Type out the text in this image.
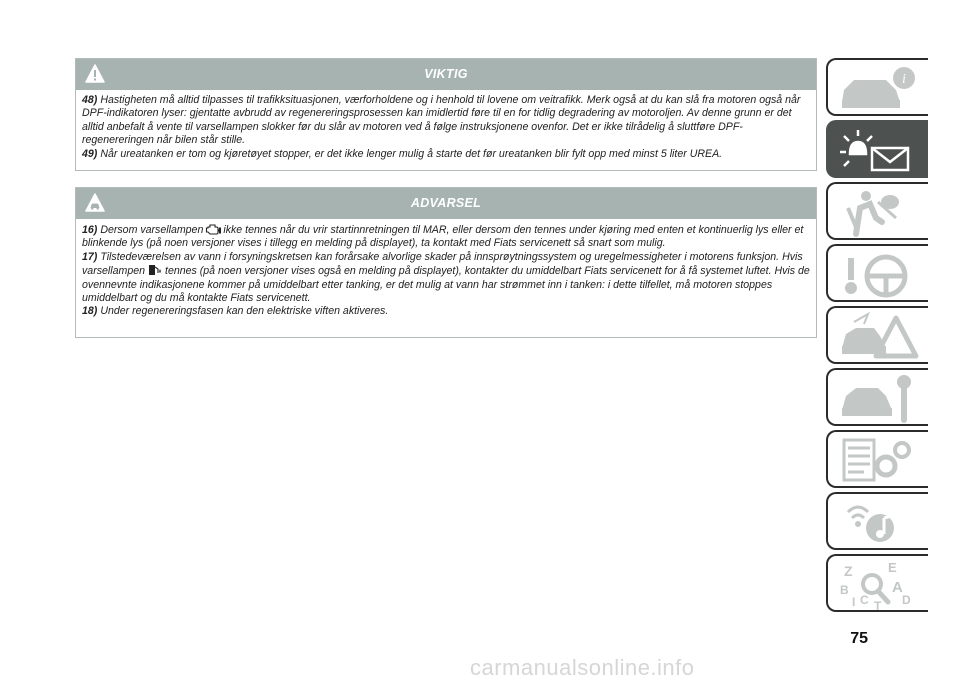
VIKTIG

48) Hastigheten må alltid tilpasses til trafikksituasjonen, værforholdene og i henhold til lovene om veitrafikk. Merk også at du kan slå fra motoren også når DPF-indikatoren lyser: gjentatte avbrudd av regenereringsprosessen kan imidlertid føre til en for tidlig degradering av motoroljen. Av denne grunn er det alltid anbefalt å vente til varsellampen slokker før du slår av motoren ved å følge instruksjonene ovenfor. Det er ikke tilrådelig å sluttføre DPF- regenereringen når bilen står stille.

49) Når ureatanken er tom og kjøretøyet stopper, er det ikke lenger mulig å starte det før ureatanken blir fylt opp med minst 5 liter UREA.

ADVARSEL

16) Dersom varsellampen ikke tennes når du vrir startinnretningen til MAR, eller dersom den tennes under kjøring med enten et kontinuerlig lys eller et blinkende lys (på noen versjoner vises i tillegg en melding på displayet), ta kontakt med Fiats servicenett så snart som mulig.

17) Tilstedeværelsen av vann i forsyningskretsen kan forårsake alvorlige skader på innsprøytningssystem og uregelmessigheter i motorens funksjon. Hvis varsellampen tennes (på noen versjoner vises også en melding på displayet), kontakter du umiddelbart Fiats servicenett for å få systemet luftet. Hvis de ovennevnte indikasjonene kommer på umiddelbart etter tanking, er det mulig at vann har strømmet inn i tanken: i dette tilfellet, må motoren stoppes umiddelbart og du må kontakte Fiats servicenett.

18) Under regenereringsfasen kan den elektriske viften aktiveres.

i
Z	E
B	A
I C	D
T
75
carmanualsonline.info
